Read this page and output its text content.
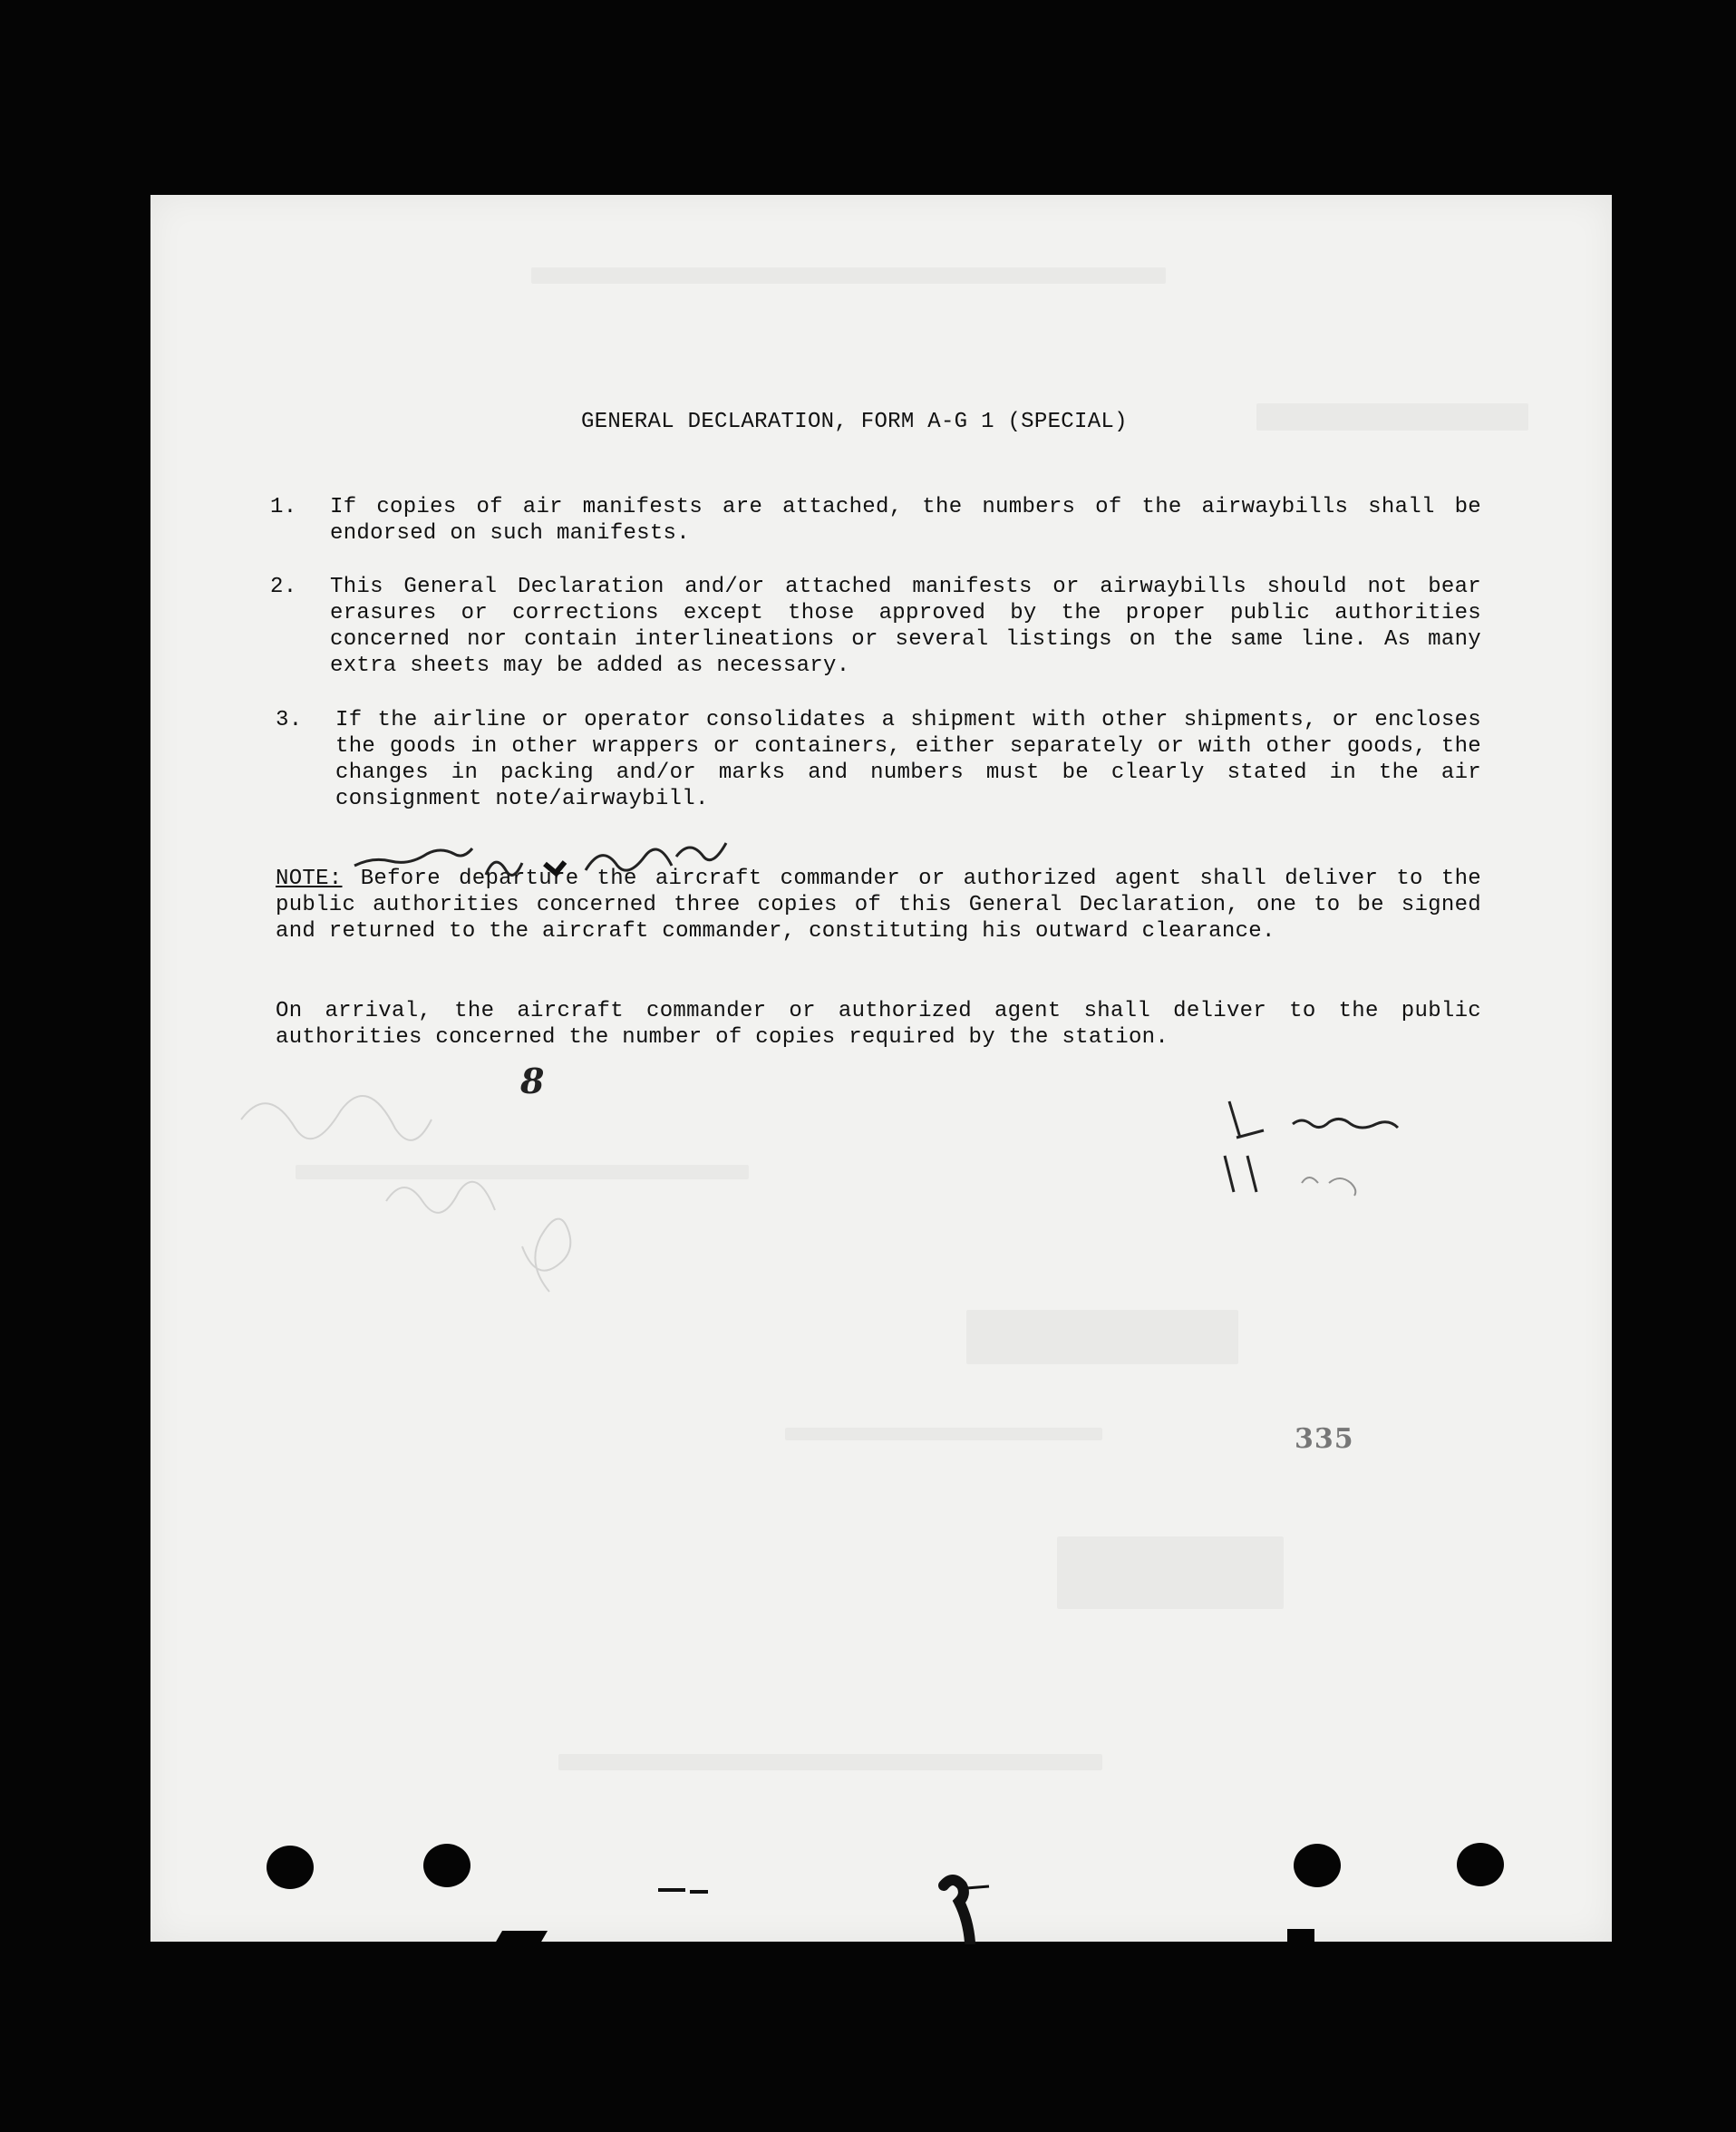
GENERAL DECLARATION, FORM A-G 1 (SPECIAL)
1.	If copies of air manifests are attached, the numbers of the airwaybills shall be endorsed on such manifests.
2.	This General Declaration and/or attached manifests or airwaybills should not bear erasures or corrections except those approved by the proper public authorities concerned nor contain interlineations or several listings on the same line. As many extra sheets may be added as necessary.
3.	If the airline or operator consolidates a shipment with other shipments, or encloses the goods in other wrappers or containers, either separately or with other goods, the changes in packing and/or marks and numbers must be clearly stated in the air consignment note/airwaybill.
NOTE: Before departure the aircraft commander or authorized agent shall deliver to the public authorities concerned three copies of this General Declaration, one to be signed and returned to the aircraft commander, constituting his outward clearance.
On arrival, the aircraft commander or authorized agent shall deliver to the public authorities concerned the number of copies required by the station.
8
335
